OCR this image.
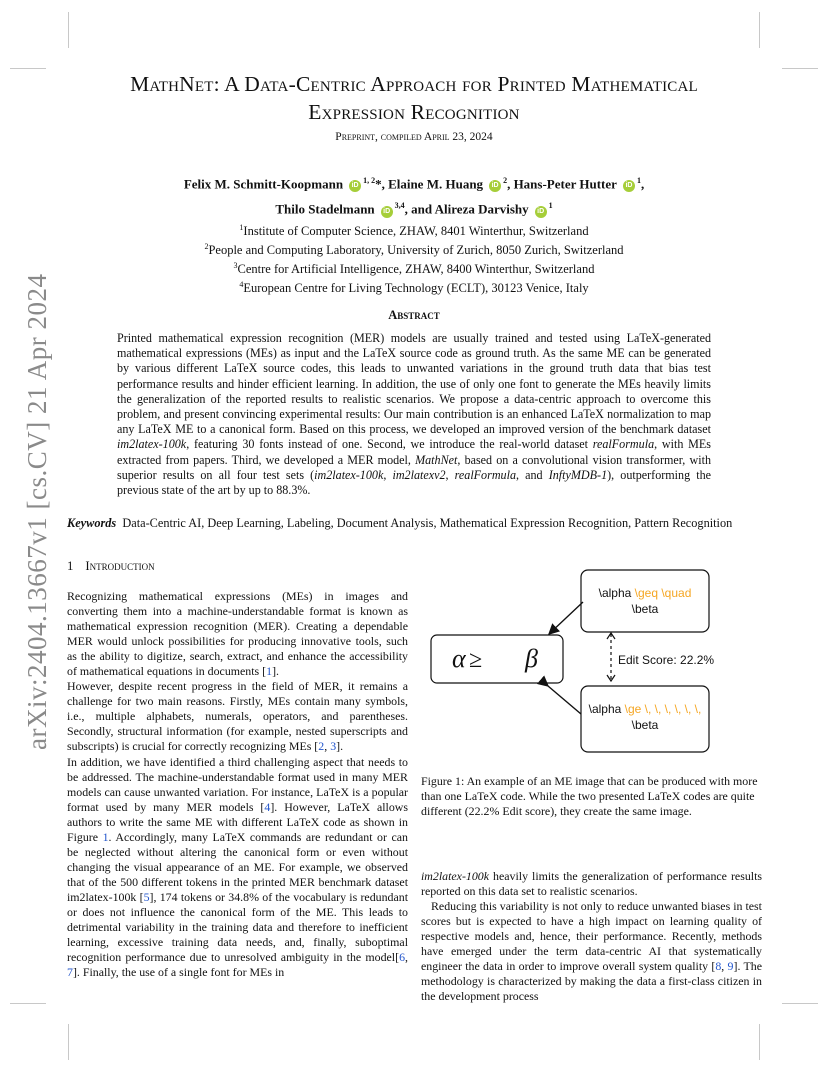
arXiv:2404.13667v1 [cs.CV] 21 Apr 2024
MathNet: A Data-Centric Approach for Printed Mathematical
Expression Recognition
Preprint, compiled April 23, 2024
Felix M. Schmitt-Koopmann iD$^{1, 2}$*, Elaine M. Huang $iD^2$, Hans-Peter Hutter $iD^1$,
Thilo Stadelmann iD$^{3,4}$, and Alireza Darvishy $iD^1$
$^1$Institute of Computer Science, ZHAW, 8401 Winterthur, Switzerland
$^2$People and Computing Laboratory, University of Zurich, 8050 Zurich, Switzerland
$^3$Centre for Artificial Intelligence, ZHAW, 8400 Winterthur, Switzerland
$^4$European Centre for Living Technology (ECLT), 30123 Venice, Italy
Abstract
Printed mathematical expression recognition (MER) models are usually trained and tested using LaTeX-generated mathematical expressions (MEs) as input and the LaTeX source code as ground truth. As the same ME can be generated by various different LaTeX source codes, this leads to unwanted variations in the ground truth data that bias test performance results and hinder efficient learning. In addition, the use of only one font to generate the MEs heavily limits the generalization of the reported results to realistic scenarios. We propose a data-centric approach to overcome this problem, and present convincing experimental results: Our main contribution is an enhanced LaTeX normalization to map any LaTeX ME to a canonical form. Based on this process, we developed an improved version of the benchmark dataset im2latex-100k, featuring 30 fonts instead of one. Second, we introduce the real-world dataset realFormula, with MEs extracted from papers. Third, we developed a MER model, MathNet, based on a convolutional vision transformer, with superior results on all four test sets (im2latex-100k, im2latexv2, realFormula, and InftyMDB-1), outperforming the previous state of the art by up to 88.3%.
Keywords Data-Centric AI, Deep Learning, Labeling, Document Analysis, Mathematical Expression Recognition, Pattern Recognition
1 Introduction

Recognizing mathematical expressions (MEs) in images and converting them into a machine-understandable format is known as mathematical expression recognition (MER). Creating a dependable MER would unlock possibilities for producing innovative tools, such as the ability to digitize, search, extract, and enhance the accessibility of mathematical equations in documents [1].

However, despite recent progress in the field of MER, it remains a challenge for two main reasons. Firstly, MEs contain many symbols, i.e., multiple alphabets, numerals, operators, and parentheses. Secondly, structural information (for example, nested superscripts and subscripts) is crucial for correctly recognizing MEs [2, 3].

In addition, we have identified a third challenging aspect that needs to be addressed. The machine-understandable format used in many MER models can cause unwanted variation. For instance, LaTeX is a popular format used by many MER models [4]. However, LaTeX allows authors to write the same ME with different LaTeX code as shown in Figure 1. Accordingly, many LaTeX commands are redundant or can be neglected without altering the canonical form or even without changing the visual appearance of an ME. For example, we observed that of the 500 different tokens in the printed MER benchmark dataset im2latex-100k [5], 174 tokens or 34.8% of the vocabulary is redundant or does not influence the canonical form of the ME. This leads to detrimental variability in the training data and therefore to inefficient learning, excessive training data needs, and, finally, suboptimal recognition performance due to unresolved ambiguity in the model[6, 7]. Finally, the use of a single font for MEs in

\alpha \geq \quad
\beta
α ≥ β	Edit Score: 22.2%
\alpha \ge \, \, \, \, \, \,
\beta
Figure 1: An example of an ME image that can be produced with more than one LaTeX code. While the two presented LaTeX codes are quite different (22.2% Edit score), they create the same image.

im2latex-100k heavily limits the generalization of performance results reported on this data set to realistic scenarios.

Reducing this variability is not only to reduce unwanted biases in test scores but is expected to have a high impact on learning quality of respective models and, hence, their performance. Recently, methods have emerged under the term data-centric AI that systematically engineer the data in order to improve overall system quality [8, 9]. The methodology is characterized by making the data a first-class citizen in the development process
